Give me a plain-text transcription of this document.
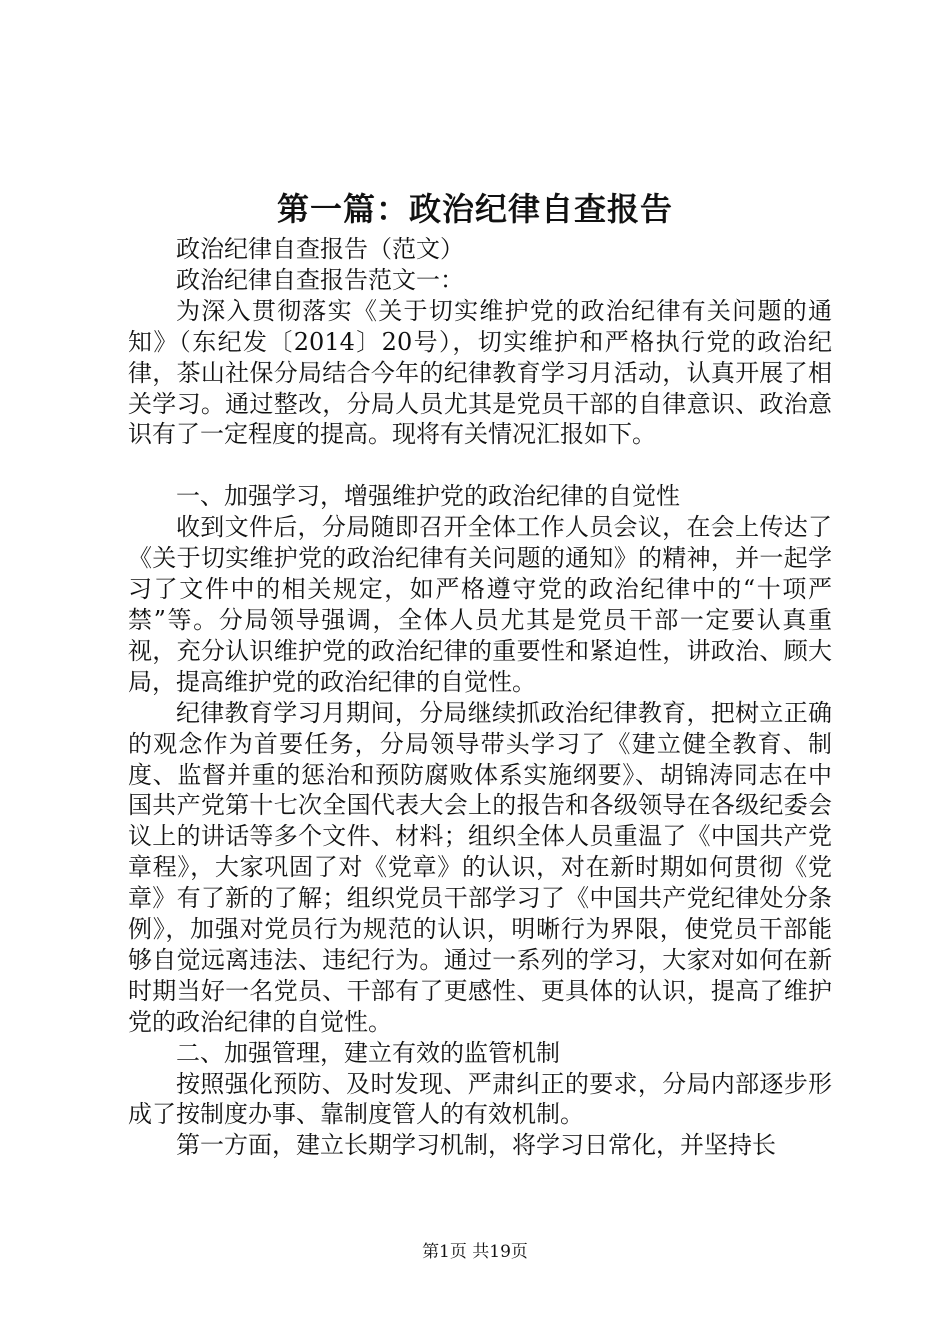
第一篇：政治纪律自查报告

政治纪律自查报告（范文）

政治纪律自查报告范文一：

为深入贯彻落实《关于切实维护党的政治纪律有关问题的通知》（东纪发〔2014〕20号），切实维护和严格执行党的政治纪律，茶山社保分局结合今年的纪律教育学习月活动，认真开展了相关学习。通过整改，分局人员尤其是党员干部的自律意识、政治意识有了一定程度的提高。现将有关情况汇报如下。

一、加强学习，增强维护党的政治纪律的自觉性

收到文件后，分局随即召开全体工作人员会议，在会上传达了《关于切实维护党的政治纪律有关问题的通知》的精神，并一起学习了文件中的相关规定，如严格遵守党的政治纪律中的“十项严禁”等。分局领导强调，全体人员尤其是党员干部一定要认真重视，充分认识维护党的政治纪律的重要性和紧迫性，讲政治、顾大局，提高维护党的政治纪律的自觉性。

纪律教育学习月期间，分局继续抓政治纪律教育，把树立正确的观念作为首要任务，分局领导带头学习了《建立健全教育、制度、监督并重的惩治和预防腐败体系实施纲要》、胡锦涛同志在中国共产党第十七次全国代表大会上的报告和各级领导在各级纪委会议上的讲话等多个文件、材料；组织全体人员重温了《中国共产党章程》，大家巩固了对《党章》的认识，对在新时期如何贯彻《党章》有了新的了解；组织党员干部学习了《中国共产党纪律处分条例》，加强对党员行为规范的认识，明晰行为界限，使党员干部能够自觉远离违法、违纪行为。通过一系列的学习，大家对如何在新时期当好一名党员、干部有了更感性、更具体的认识，提高了维护党的政治纪律的自觉性。

二、加强管理，建立有效的监管机制

按照强化预防、及时发现、严肃纠正的要求，分局内部逐步形成了按制度办事、靠制度管人的有效机制。

第一方面，建立长期学习机制，将学习日常化，并坚持长

第1页 共19页
